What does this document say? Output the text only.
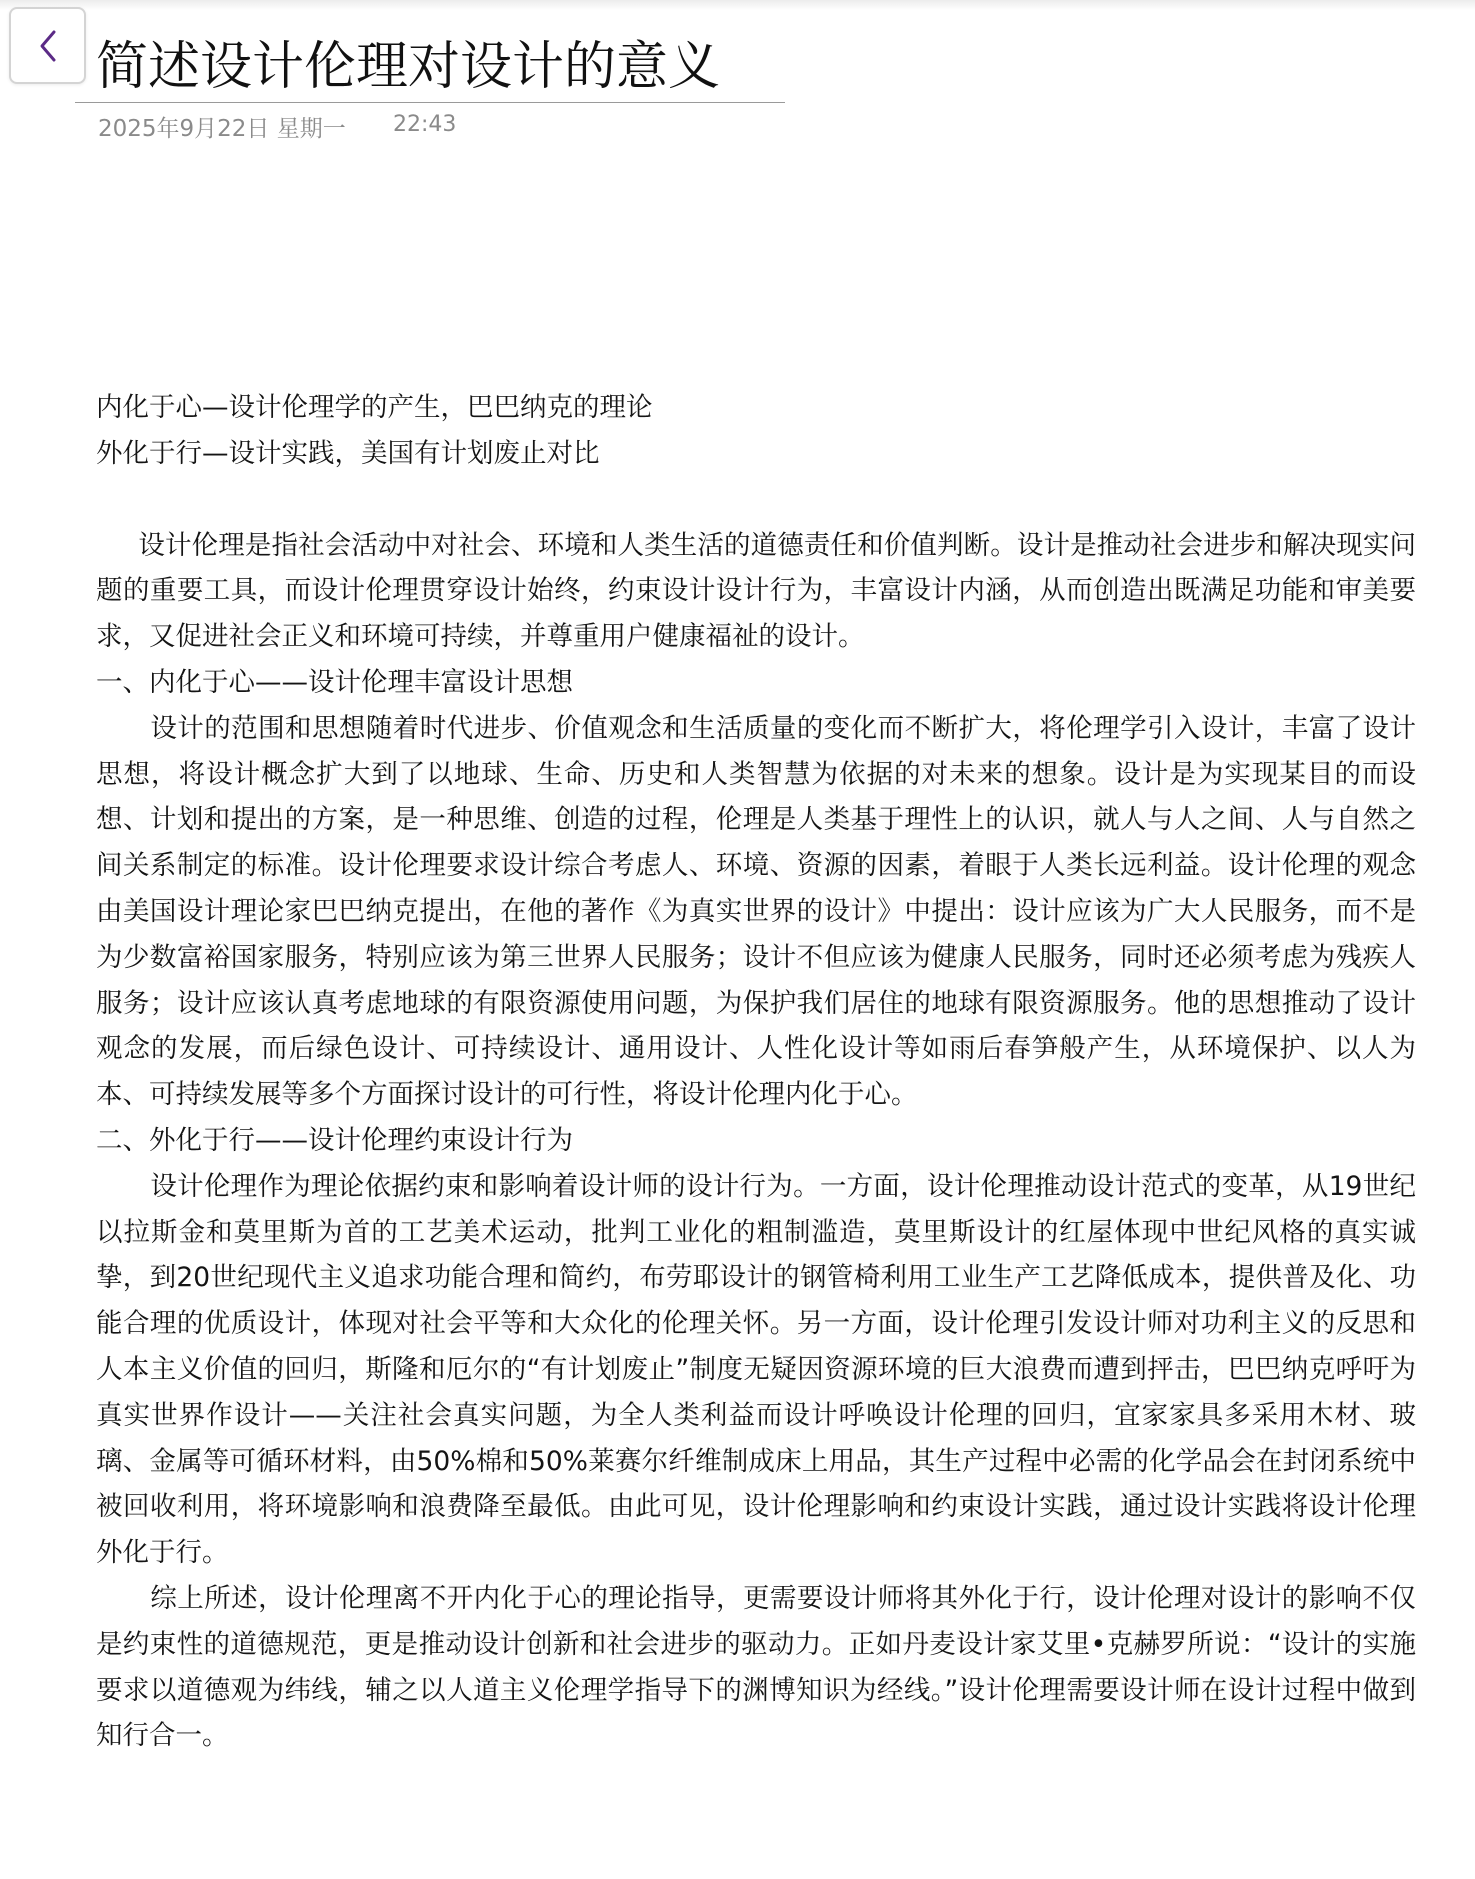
简述设计伦理对设计的意义
2025年9月22日 星期一 22:43

内化于心—设计伦理学的产生，巴巴纳克的理论

外化于行—设计实践，美国有计划废止对比

设计伦理是指社会活动中对社会、环境和人类生活的道德责任和价值判断。设计是推动社会进步和解决现实问题的重要工具，而设计伦理贯穿设计始终，约束设计设计行为，丰富设计内涵，从而创造出既满足功能和审美要求，又促进社会正义和环境可持续，并尊重用户健康福祉的设计。

一、内化于心——设计伦理丰富设计思想

设计的范围和思想随着时代进步、价值观念和生活质量的变化而不断扩大，将伦理学引入设计，丰富了设计思想，将设计概念扩大到了以地球、生命、历史和人类智慧为依据的对未来的想象。设计是为实现某目的而设想、计划和提出的方案，是一种思维、创造的过程，伦理是人类基于理性上的认识，就人与人之间、人与自然之间关系制定的标准。设计伦理要求设计综合考虑人、环境、资源的因素，着眼于人类长远利益。设计伦理的观念由美国设计理论家巴巴纳克提出，在他的著作《为真实世界的设计》中提出：设计应该为广大人民服务，而不是为少数富裕国家服务，特别应该为第三世界人民服务；设计不但应该为健康人民服务，同时还必须考虑为残疾人服务；设计应该认真考虑地球的有限资源使用问题，为保护我们居住的地球有限资源服务。他的思想推动了设计观念的发展，而后绿色设计、可持续设计、通用设计、人性化设计等如雨后春笋般产生，从环境保护、以人为本、可持续发展等多个方面探讨设计的可行性，将设计伦理内化于心。

二、外化于行——设计伦理约束设计行为

设计伦理作为理论依据约束和影响着设计师的设计行为。一方面，设计伦理推动设计范式的变革，从19世纪以拉斯金和莫里斯为首的工艺美术运动，批判工业化的粗制滥造，莫里斯设计的红屋体现中世纪风格的真实诚挚，到20世纪现代主义追求功能合理和简约，布劳耶设计的钢管椅利用工业生产工艺降低成本，提供普及化、功能合理的优质设计，体现对社会平等和大众化的伦理关怀。另一方面，设计伦理引发设计师对功利主义的反思和人本主义价值的回归，斯隆和厄尔的“有计划废止”制度无疑因资源环境的巨大浪费而遭到抨击，巴巴纳克呼吁为真实世界作设计——关注社会真实问题，为全人类利益而设计呼唤设计伦理的回归，宜家家具多采用木材、玻璃、金属等可循环材料，由50%棉和50%莱赛尔纤维制成床上用品，其生产过程中必需的化学品会在封闭系统中被回收利用，将环境影响和浪费降至最低。由此可见，设计伦理影响和约束设计实践，通过设计实践将设计伦理外化于行。

综上所述，设计伦理离不开内化于心的理论指导，更需要设计师将其外化于行，设计伦理对设计的影响不仅是约束性的道德规范，更是推动设计创新和社会进步的驱动力。正如丹麦设计家艾里•克赫罗所说：“设计的实施要求以道德观为纬线，辅之以人道主义伦理学指导下的渊博知识为经线。”设计伦理需要设计师在设计过程中做到知行合一。
